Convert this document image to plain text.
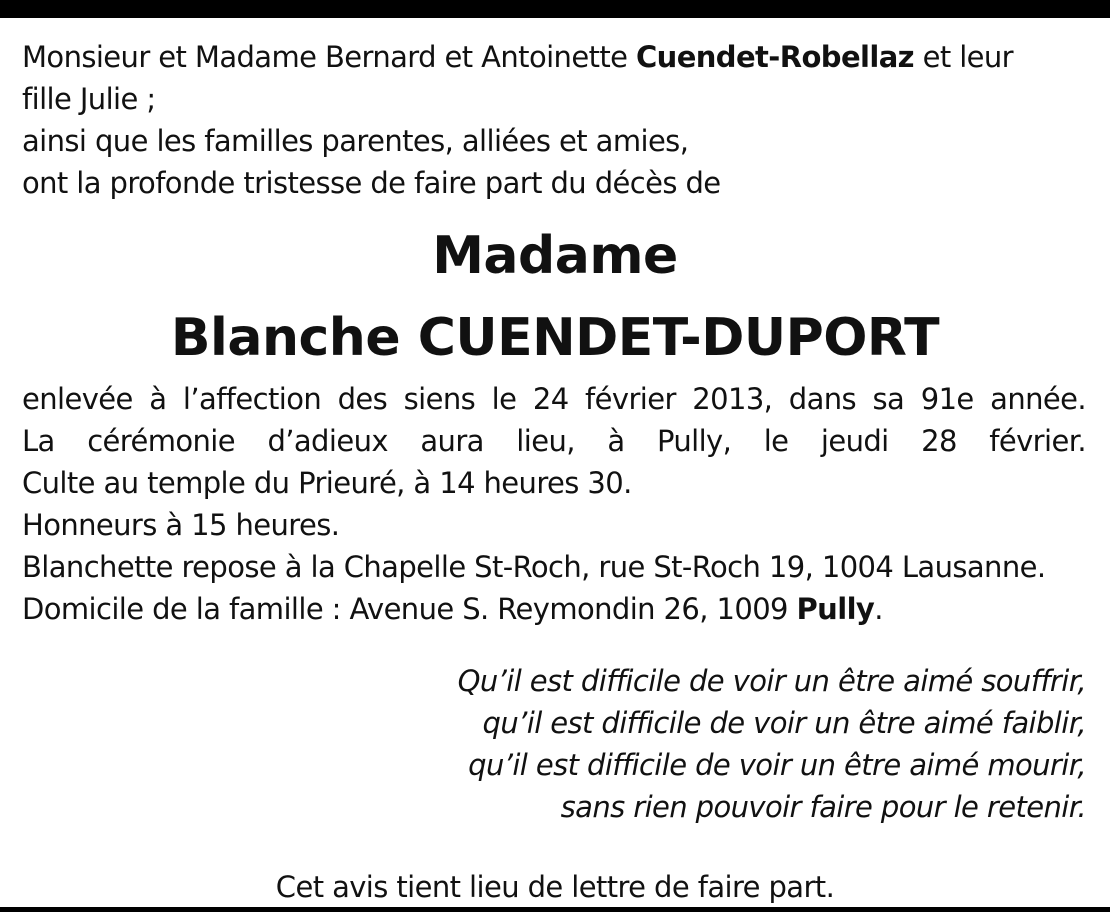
Monsieur et Madame Bernard et Antoinette Cuendet-Robellaz et leur
fille Julie ;
ainsi que les familles parentes, alliées et amies,
ont la profonde tristesse de faire part du décès de
Madame
Blanche CUENDET-DUPORT
enlevée à l’affection des siens le 24 février 2013, dans sa 91e année.
La cérémonie d’adieux aura lieu, à Pully, le jeudi 28 février.
Culte au temple du Prieuré, à 14 heures 30.
Honneurs à 15 heures.
Blanchette repose à la Chapelle St-Roch, rue St-Roch 19, 1004 Lausanne.
Domicile de la famille : Avenue S. Reymondin 26, 1009 Pully.
Qu’il est difficile de voir un être aimé souffrir,
qu’il est difficile de voir un être aimé faiblir,
qu’il est difficile de voir un être aimé mourir,
sans rien pouvoir faire pour le retenir.
Cet avis tient lieu de lettre de faire part.
